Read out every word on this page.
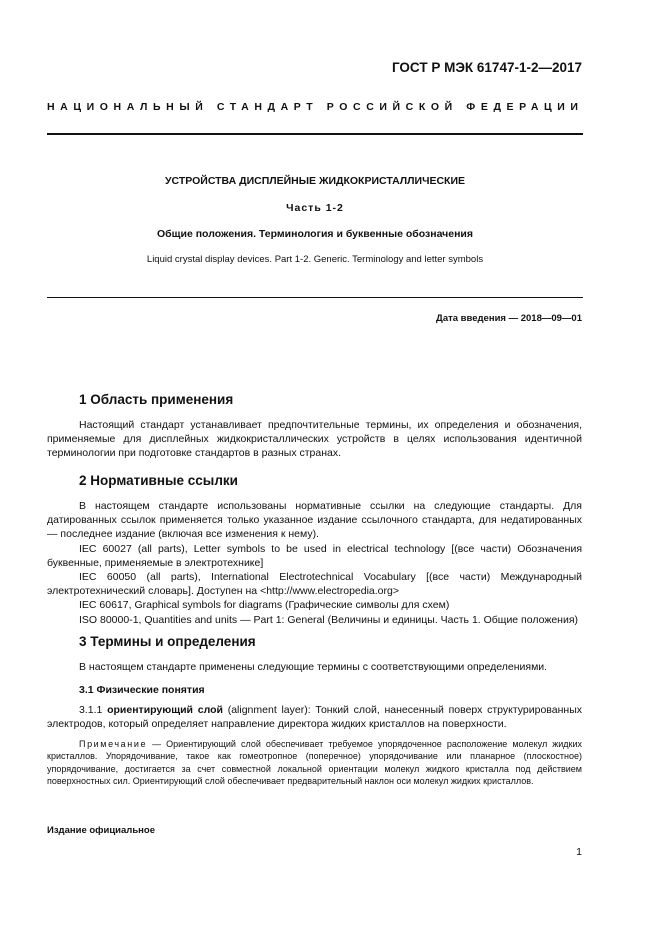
ГОСТ Р МЭК 61747-1-2—2017
НАЦИОНАЛЬНЫЙ СТАНДАРТ РОССИЙСКОЙ ФЕДЕРАЦИИ
УСТРОЙСТВА ДИСПЛЕЙНЫЕ ЖИДКОКРИСТАЛЛИЧЕСКИЕ
Часть 1-2
Общие положения. Терминология и буквенные обозначения
Liquid crystal display devices. Part 1-2. Generic. Terminology and letter symbols
Дата введения — 2018—09—01
1 Область применения

Настоящий стандарт устанавливает предпочтительные термины, их определения и обозначения, применяемые для дисплейных жидкокристаллических устройств в целях использования идентичной терминологии при подготовке стандартов в разных странах.

2 Нормативные ссылки

В настоящем стандарте использованы нормативные ссылки на следующие стандарты. Для датированных ссылок применяется только указанное издание ссылочного стандарта, для недатированных — последнее издание (включая все изменения к нему).

IEC 60027 (all parts), Letter symbols to be used in electrical technology [(все части) Обозначения буквенные, применяемые в электротехнике]

IEC 60050 (all parts), International Electrotechnical Vocabulary [(все части) Международный электротехнический словарь]. Доступен на <http://www.electropedia.org>

IEC 60617, Graphical symbols for diagrams (Графические символы для схем)

ISO 80000-1, Quantities and units — Part 1: General (Величины и единицы. Часть 1. Общие положения)

3 Термины и определения

В настоящем стандарте применены следующие термины с соответствующими определениями.

3.1 Физические понятия

3.1.1 ориентирующий слой (alignment layer): Тонкий слой, нанесенный поверх структурированных электродов, который определяет направление директора жидких кристаллов на поверхности.

Примечание — Ориентирующий слой обеспечивает требуемое упорядоченное расположение молекул жидких кристаллов. Упорядочивание, такое как гомеотропное (поперечное) упорядочивание или планарное (плоскостное) упорядочивание, достигается за счет совместной локальной ориентации молекул жидкого кристалла под действием поверхностных сил. Ориентирующий слой обеспечивает предварительный наклон оси молекул жидких кристаллов.

Издание официальное
1
